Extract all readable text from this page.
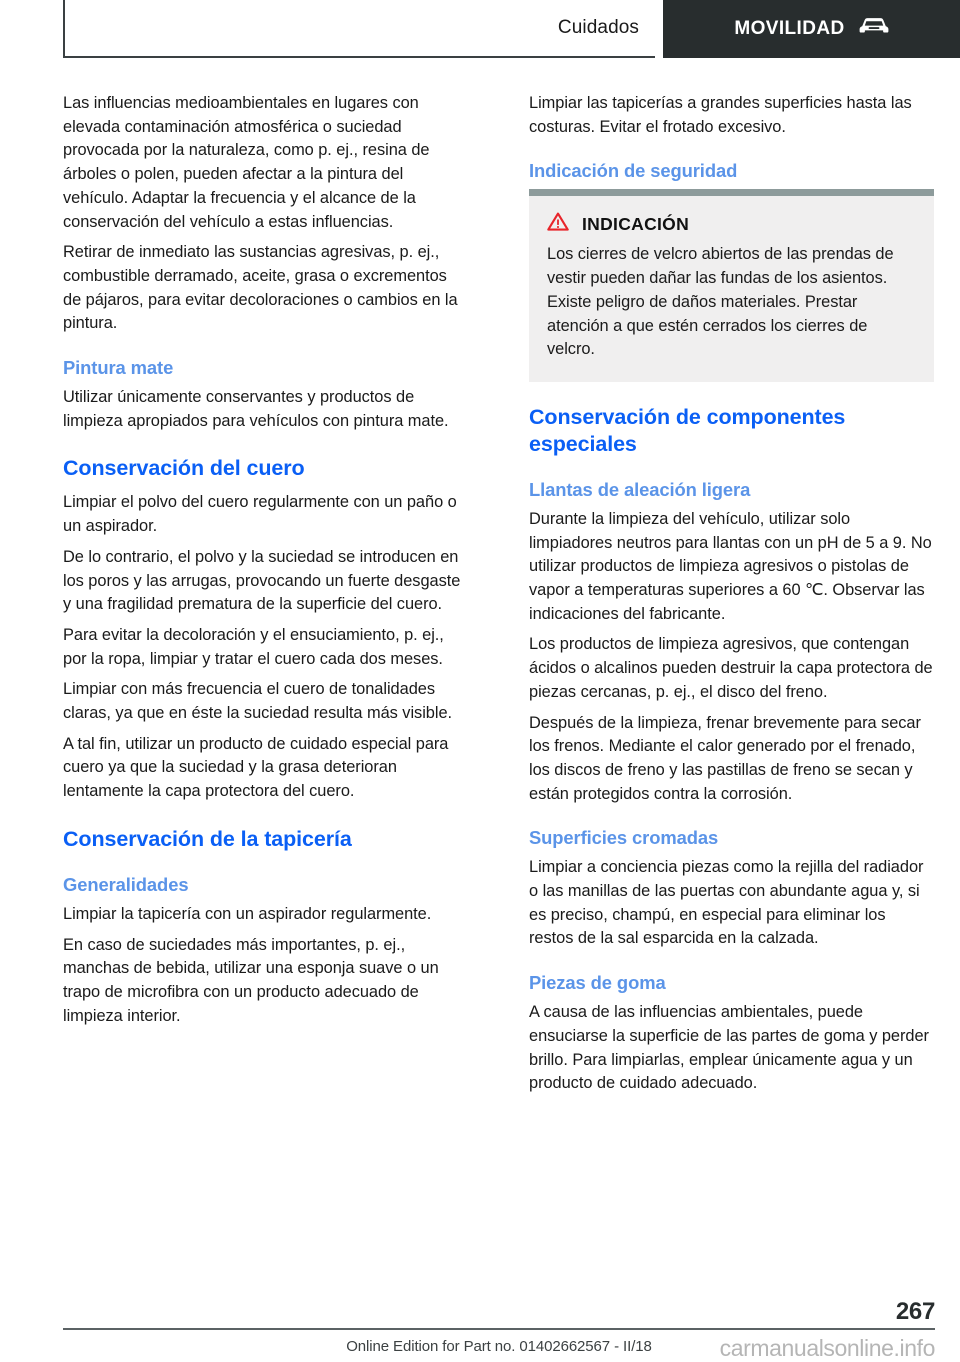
Cuidados	MOVILIDAD

Las influencias medioambientales en lugares con elevada contaminación atmosférica o suciedad provocada por la naturaleza, como p. ej., resina de árboles o polen, pueden afectar a la pintura del vehículo. Adaptar la frecuencia y el alcance de la conservación del vehículo a estas influencias.

Retirar de inmediato las sustancias agresivas, p. ej., combustible derramado, aceite, grasa o excrementos de pájaros, para evitar decoloraciones o cambios en la pintura.

Pintura mate

Utilizar únicamente conservantes y productos de limpieza apropiados para vehículos con pintura mate.

Conservación del cuero

Limpiar el polvo del cuero regularmente con un paño o un aspirador.

De lo contrario, el polvo y la suciedad se introducen en los poros y las arrugas, provocando un fuerte desgaste y una fragilidad prematura de la superficie del cuero.

Para evitar la decoloración y el ensuciamiento, p. ej., por la ropa, limpiar y tratar el cuero cada dos meses.

Limpiar con más frecuencia el cuero de tonalidades claras, ya que en éste la suciedad resulta más visible.

A tal fin, utilizar un producto de cuidado especial para cuero ya que la suciedad y la grasa deterioran lentamente la capa protectora del cuero.

Conservación de la tapicería
Generalidades

Limpiar la tapicería con un aspirador regularmente.

En caso de suciedades más importantes, p. ej., manchas de bebida, utilizar una esponja suave o un trapo de microfibra con un producto adecuado de limpieza interior.

Limpiar las tapicerías a grandes superficies hasta las costuras. Evitar el frotado excesivo.

Indicación de seguridad
INDICACIÓN

Los cierres de velcro abiertos de las prendas de vestir pueden dañar las fundas de los asientos. Existe peligro de daños materiales. Prestar atención a que estén cerrados los cierres de velcro.

Conservación de componentes especiales
Llantas de aleación ligera

Durante la limpieza del vehículo, utilizar solo limpiadores neutros para llantas con un pH de 5 a 9. No utilizar productos de limpieza agresivos o pistolas de vapor a temperaturas superiores a 60 ℃. Observar las indicaciones del fabricante.

Los productos de limpieza agresivos, que contengan ácidos o alcalinos pueden destruir la capa protectora de piezas cercanas, p. ej., el disco del freno.

Después de la limpieza, frenar brevemente para secar los frenos. Mediante el calor generado por el frenado, los discos de freno y las pastillas de freno se secan y están protegidos contra la corrosión.

Superficies cromadas

Limpiar a conciencia piezas como la rejilla del radiador o las manillas de las puertas con abundante agua y, si es preciso, champú, en especial para eliminar los restos de la sal esparcida en la calzada.

Piezas de goma

A causa de las influencias ambientales, puede ensuciarse la superficie de las partes de goma y perder brillo. Para limpiarlas, emplear únicamente agua y un producto de cuidado adecuado.

267
Online Edition for Part no. 01402662567 - II/18	carmanualsonline.info
